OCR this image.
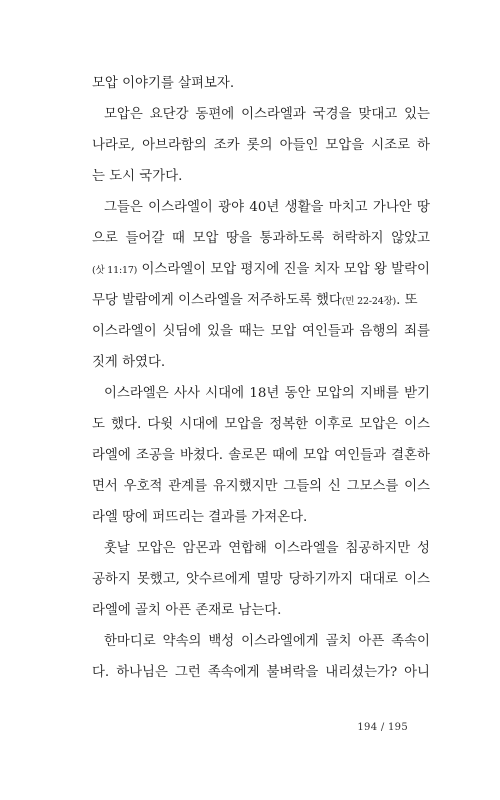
모압 이야기를 살펴보자.
모압은 요단강 동편에 이스라엘과 국경을 맞대고 있는
나라로, 아브라함의 조카 롯의 아들인 모압을 시조로 하
는 도시 국가다.
그들은 이스라엘이 광야 40년 생활을 마치고 가나안 땅
으로 들어갈 때 모압 땅을 통과하도록 허락하지 않았고
(삿 11:17) 이스라엘이 모압 평지에 진을 치자 모압 왕 발락이
무당 발람에게 이스라엘을 저주하도록 했다(민 22-24장). 또
이스라엘이 싯딤에 있을 때는 모압 여인들과 음행의 죄를
짓게 하였다.
이스라엘은 사사 시대에 18년 동안 모압의 지배를 받기
도 했다. 다윗 시대에 모압을 정복한 이후로 모압은 이스
라엘에 조공을 바쳤다. 솔로몬 때에 모압 여인들과 결혼하
면서 우호적 관계를 유지했지만 그들의 신 그모스를 이스
라엘 땅에 퍼뜨리는 결과를 가져온다.
훗날 모압은 암몬과 연합해 이스라엘을 침공하지만 성
공하지 못했고, 앗수르에게 멸망 당하기까지 대대로 이스
라엘에 골치 아픈 존재로 남는다.
한마디로 약속의 백성 이스라엘에게 골치 아픈 족속이
다. 하나님은 그런 족속에게 불벼락을 내리셨는가? 아니
194 / 195
